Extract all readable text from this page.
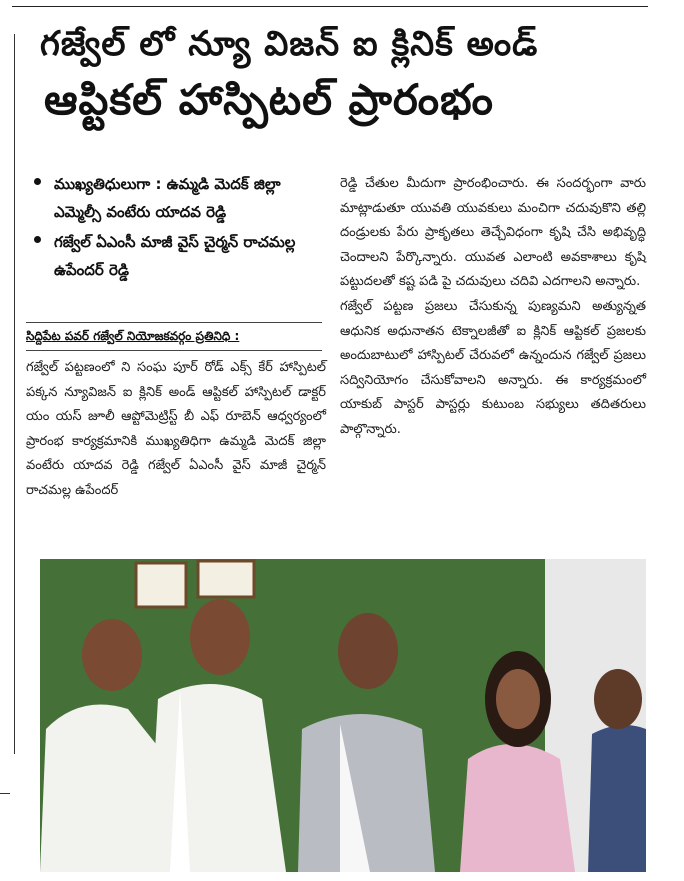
గజ్వేల్ లో న్యూ విజన్ ఐ క్లినిక్ అండ్
ఆప్టికల్ హాస్పిటల్ ప్రారంభం
ముఖ్యతిధులుగా : ఉమ్మడి మెదక్ జిల్లా ఎమ్మెల్సీ వంటేరు యాదవ రెడ్డి
గజ్వేల్ ఏఎంసీ మాజీ వైస్ చైర్మన్ రాచమల్ల ఉపేందర్ రెడ్డి
సిద్దిపేట పవర్ గజ్వేల్ నియోజకవర్గం ప్రతినిధి :
గజ్వేల్ పట్టణంలో ని సంఘ పూర్ రోడ్ ఎక్స్ కేర్ హాస్పిటల్ పక్కన న్యూవిజన్ ఐ క్లినిక్ అండ్ ఆప్టికల్ హాస్పిటల్ డాక్టర్ యం యస్ జూలీ ఆప్టోమెట్రిస్ట్ బీ ఎఫ్ రూబెన్ ఆధ్వర్యంలో ప్రారంభ కార్యక్రమానికి ముఖ్యతిధిగా ఉమ్మడి మెదక్ జిల్లా వంటేరు యాదవ రెడ్డి గజ్వేల్ ఏఎంసీ వైస్ మాజీ చైర్మన్ రాచమల్ల ఉపేందర్
రెడ్డి చేతుల మీదుగా ప్రారంభించారు. ఈ సందర్భంగా వారు మాట్లాడుతూ యువతి యువకులు మంచిగా చదువుకొని తల్లి దండ్రులకు పేరు ప్రాకృతలు తెచ్చేవిధంగా కృషి చేసి అభివృద్ధి చెందాలని పేర్కొన్నారు. యువత ఎలాంటి అవకాశాలు కృషి పట్టుదలతో కష్ట పడి పై చదువులు చదివి ఎదగాలని అన్నారు.
గజ్వేల్ పట్టణ ప్రజలు చేసుకున్న పుణ్యమని అత్యున్నత ఆధునిక అధునాతన టెక్నాలజీతో ఐ క్లినిక్ ఆప్టికల్ ప్రజలకు అందుబాటులో హాస్పిటల్ చేరువలో ఉన్నందున గజ్వేల్ ప్రజలు సద్వినియోగం చేసుకోవాలని అన్నారు. ఈ కార్యక్రమంలో యాకుబ్ పాస్టర్ పాస్టర్లు కుటుంబ సభ్యులు తదితరులు పాల్గొన్నారు.
